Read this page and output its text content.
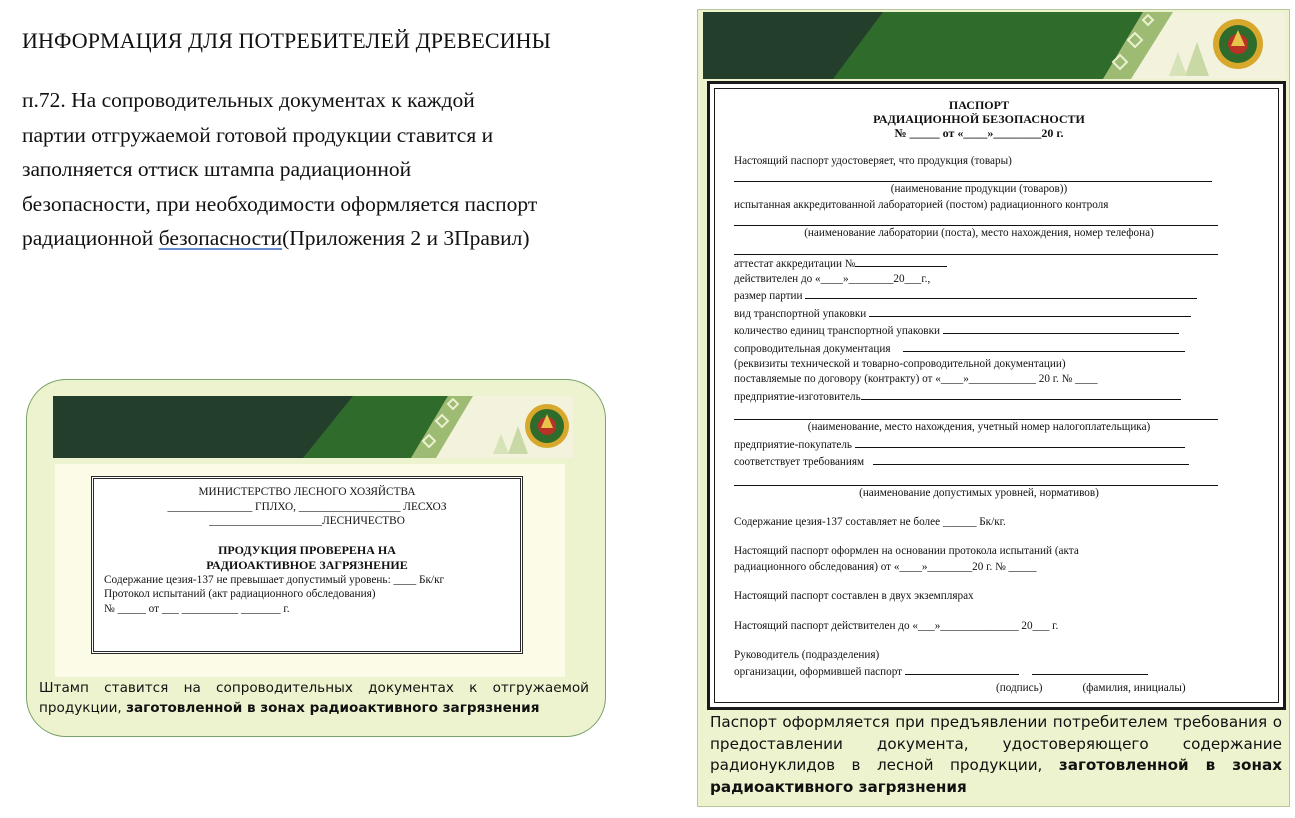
ИНФОРМАЦИЯ ДЛЯ ПОТРЕБИТЕЛЕЙ ДРЕВЕСИНЫ
п.72. На сопроводительных документах к каждой
партии отгружаемой готовой продукции ставится и
заполняется оттиск штампа радиационной
безопасности, при необходимости оформляется паспорт
радиационной безопасности(Приложения 2 и 3Правил)
МИНИСТЕРСТВО ЛЕСНОГО ХОЗЯЙСТВА
_______________ ГПЛХО, __________________ ЛЕСХОЗ
____________________ЛЕСНИЧЕСТВО
ПРОДУКЦИЯ ПРОВЕРЕНА НА
РАДИОАКТИВНОЕ ЗАГРЯЗНЕНИЕ
Содержание цезия-137 не превышает допустимый уровень: ____ Бк/кг
Протокол испытаний (акт радиационного обследования)
№ _____ от ___ __________ _______ г.
Штамп ставится на сопроводительных документах к отгружаемой продукции, заготовленной в зонах радиоактивного загрязнения
ПАСПОРТ
РАДИАЦИОННОЙ БЕЗОПАСНОСТИ
№ _____ от «____»________20 г.
Настоящий паспорт удостоверяет, что продукция (товары)
(наименование продукции (товаров))
испытанная аккредитованной лабораторией (постом) радиационного контроля
(наименование лаборатории (поста), место нахождения, номер телефона)
аттестат аккредитации №
действителен до «____»________20___г.,
размер партии
вид транспортной упаковки
количество единиц транспортной упаковки
сопроводительная документация
(реквизиты технической и товарно-сопроводительной документации)
поставляемые по договору (контракту) от «____»____________ 20 г. № ____
предприятие-изготовитель
(наименование, место нахождения, учетный номер налогоплательщика)
предприятие-покупатель
соответствует требованиям
(наименование допустимых уровней, нормативов)
Содержание цезия-137 составляет не более ______ Бк/кг.
Настоящий паспорт оформлен на основании протокола испытаний (акта
радиационного обследования) от «____»________20 г. № _____
Настоящий паспорт составлен в двух экземплярах
Настоящий паспорт действителен до «___»______________ 20___ г.
Руководитель (подразделения)
организации, оформившей паспорт
(подпись)	(фамилия, инициалы)
Паспорт оформляется при предъявлении потребителем требования о предоставлении документа, удостоверяющего содержание радионуклидов в лесной продукции, заготовленной в зонах радиоактивного загрязнения
